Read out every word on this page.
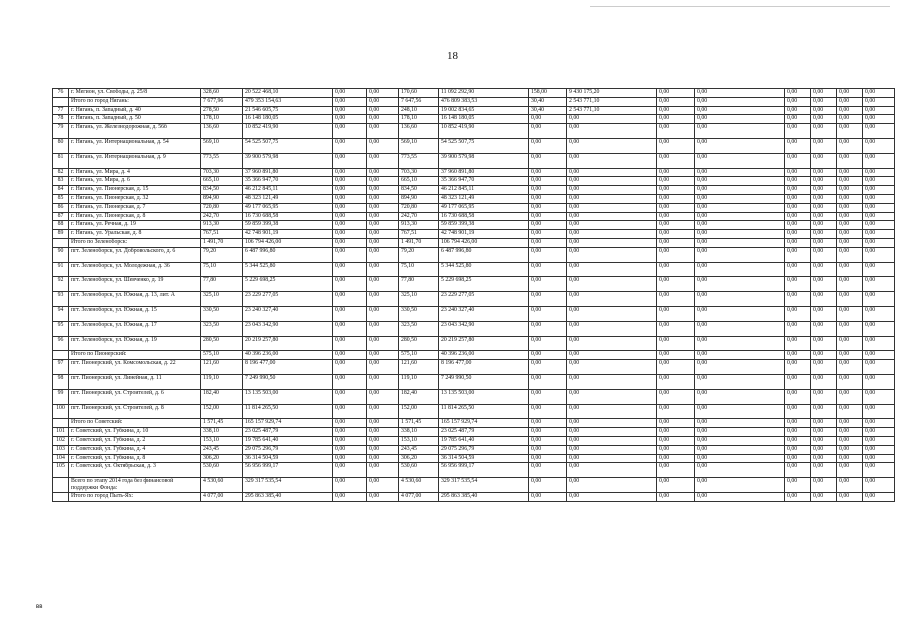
18
76	г. Мегион, ул. Свободы, д. 25/8	328,60	20 522 468,10	0,00	0,00	170,60	11 092 292,90	158,00	9 430 175,20	0,00	0,00	0,00	0,00	0,00	0,00
	Итого по город Нягань:	7 677,96	479 353 154,63	0,00	0,00	7 647,56	476 809 383,53	30,40	2 543 771,10	0,00	0,00	0,00	0,00	0,00	0,00
77	г. Нягань, п. Западный, д. 40	278,50	21 546 605,75	0,00	0,00	248,10	19 002 834,65	30,40	2 543 771,10	0,00	0,00	0,00	0,00	0,00	0,00
78	г. Нягань, п. Западный, д. 50	178,10	16 148 180,05	0,00	0,00	178,10	16 148 180,05	0,00	0,00	0,00	0,00	0,00	0,00	0,00	0,00
79	г. Нягань, ул. Железнодорожная, д. 56б	136,60	10 852 419,90	0,00	0,00	136,60	10 852 419,90	0,00	0,00	0,00	0,00	0,00	0,00	0,00	0,00
80	г. Нягань, ул. Интернациональная, д. 54	569,10	54 525 507,75	0,00	0,00	569,10	54 525 507,75	0,00	0,00	0,00	0,00	0,00	0,00	0,00	0,00
81	г. Нягань, ул. Интернациональная, д. 9	773,55	39 900 579,98	0,00	0,00	773,55	39 900 579,98	0,00	0,00	0,00	0,00	0,00	0,00	0,00	0,00
82	г. Нягань, ул. Мира, д. 4	703,30	37 960 891,80	0,00	0,00	703,30	37 960 891,80	0,00	0,00	0,00	0,00	0,00	0,00	0,00	0,00
83	г. Нягань, ул. Мира, д. 6	665,10	35 366 947,70	0,00	0,00	665,10	35 366 947,70	0,00	0,00	0,00	0,00	0,00	0,00	0,00	0,00
84	г. Нягань, ул. Пионерская, д. 15	834,50	46 212 845,11	0,00	0,00	834,50	46 212 845,11	0,00	0,00	0,00	0,00	0,00	0,00	0,00	0,00
85	г. Нягань, ул. Пионерская, д. 32	894,90	48 323 121,49	0,00	0,00	894,90	48 323 121,49	0,00	0,00	0,00	0,00	0,00	0,00	0,00	0,00
86	г. Нягань, ул. Пионерская, д. 7	720,80	49 177 065,95	0,00	0,00	720,80	49 177 065,95	0,00	0,00	0,00	0,00	0,00	0,00	0,00	0,00
87	г. Нягань, ул. Пионерская, д. 8	242,70	16 730 688,58	0,00	0,00	242,70	16 730 688,58	0,00	0,00	0,00	0,00	0,00	0,00	0,00	0,00
88	г. Нягань, ул. Речная, д. 19	913,30	59 859 399,38	0,00	0,00	913,30	59 859 399,38	0,00	0,00	0,00	0,00	0,00	0,00	0,00	0,00
89	г. Нягань, ул. Уральская, д. 8	767,51	42 748 901,19	0,00	0,00	767,51	42 748 901,19	0,00	0,00	0,00	0,00	0,00	0,00	0,00	0,00
	Итого по Зеленоборск:	1 491,70	106 794 426,00	0,00	0,00	1 491,70	106 794 426,00	0,00	0,00	0,00	0,00	0,00	0,00	0,00	0,00
90	пгт. Зеленоборск, ул. Добровольского, д. 6	79,20	6 487 996,80	0,00	0,00	79,20	6 487 996,80	0,00	0,00	0,00	0,00	0,00	0,00	0,00	0,00
91	пгт. Зеленоборск, ул. Молодежная, д. 36	75,10	5 344 525,80	0,00	0,00	75,10	5 344 525,80	0,00	0,00	0,00	0,00	0,00	0,00	0,00	0,00
92	пгт. Зеленоборск, ул. Шевченко, д. 19	77,80	5 229 698,25	0,00	0,00	77,80	5 229 698,25	0,00	0,00	0,00	0,00	0,00	0,00	0,00	0,00
93	пгт. Зеленоборск, ул. Южная, д. 13, лит. А	325,10	23 229 277,05	0,00	0,00	325,10	23 229 277,05	0,00	0,00	0,00	0,00	0,00	0,00	0,00	0,00
94	пгт. Зеленоборск, ул. Южная, д. 15	330,50	23 240 327,40	0,00	0,00	330,50	23 240 327,40	0,00	0,00	0,00	0,00	0,00	0,00	0,00	0,00
95	пгт. Зеленоборск, ул. Южная, д. 17	323,50	23 043 342,90	0,00	0,00	323,50	23 043 342,90	0,00	0,00	0,00	0,00	0,00	0,00	0,00	0,00
96	пгт. Зеленоборск, ул. Южная, д. 19	280,50	20 219 257,80	0,00	0,00	280,50	20 219 257,80	0,00	0,00	0,00	0,00	0,00	0,00	0,00	0,00
	Итого по Пионерский:	575,10	40 396 236,00	0,00	0,00	575,10	40 396 236,00	0,00	0,00	0,00	0,00	0,00	0,00	0,00	0,00
97	пгт. Пионерский, ул. Комсомольская, д. 22	121,60	8 196 477,00	0,00	0,00	121,60	8 196 477,00	0,00	0,00	0,00	0,00	0,00	0,00	0,00	0,00
98	пгт. Пионерский, ул. Линейная, д. 11	119,10	7 249 990,50	0,00	0,00	119,10	7 249 990,50	0,00	0,00	0,00	0,00	0,00	0,00	0,00	0,00
99	пгт. Пионерский, ул. Строителей, д. 6	182,40	13 135 503,00	0,00	0,00	182,40	13 135 503,00	0,00	0,00	0,00	0,00	0,00	0,00	0,00	0,00
100	пгт. Пионерский, ул. Строителей, д. 8	152,00	11 814 265,50	0,00	0,00	152,00	11 814 265,50	0,00	0,00	0,00	0,00	0,00	0,00	0,00	0,00
	Итого по Советский:	1 571,45	165 157 929,74	0,00	0,00	1 571,45	165 157 929,74	0,00	0,00	0,00	0,00	0,00	0,00	0,00	0,00
101	г. Советский, ул. Губкина, д. 10	338,10	23 025 487,79	0,00	0,00	338,10	23 025 487,79	0,00	0,00	0,00	0,00	0,00	0,00	0,00	0,00
102	г. Советский, ул. Губкина, д. 2	153,10	19 785 641,40	0,00	0,00	153,10	19 785 641,40	0,00	0,00	0,00	0,00	0,00	0,00	0,00	0,00
103	г. Советский, ул. Губкина, д. 4	243,45	29 075 296,79	0,00	0,00	243,45	29 075 296,79	0,00	0,00	0,00	0,00	0,00	0,00	0,00	0,00
104	г. Советский, ул. Губкина, д. 8	306,20	36 314 504,59	0,00	0,00	306,20	36 314 504,59	0,00	0,00	0,00	0,00	0,00	0,00	0,00	0,00
105	г. Советский, ул. Октябрьская, д. 3	530,60	56 956 999,17	0,00	0,00	530,60	56 956 999,17	0,00	0,00	0,00	0,00	0,00	0,00	0,00	0,00
	Всего по этапу 2014 года без финансовой поддержки Фонда:	4 530,60	329 317 535,54	0,00	0,00	4 530,60	329 317 535,54	0,00	0,00	0,00	0,00	0,00	0,00	0,00	0,00
	Итого по город Пыть-Ях:	4 077,00	295 863 385,40	0,00	0,00	4 077,00	295 863 385,40	0,00	0,00	0,00	0,00	0,00	0,00	0,00	0,00
вв
